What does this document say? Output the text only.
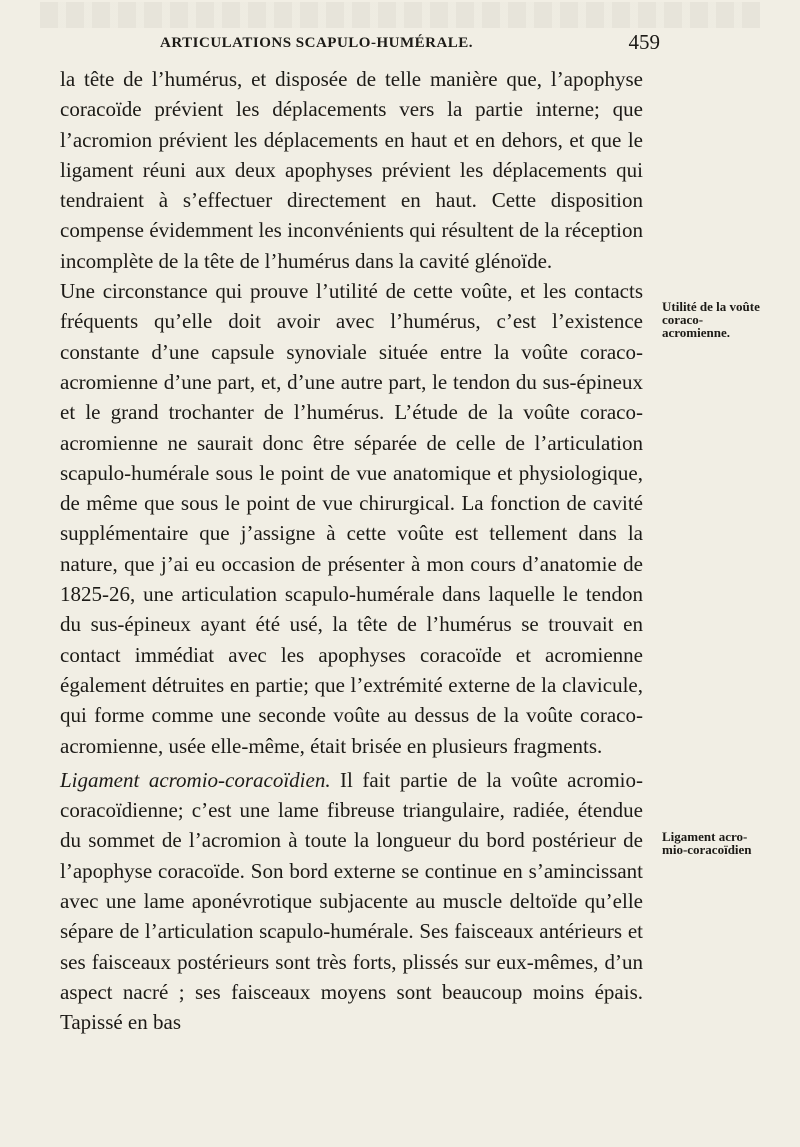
ARTICULATIONS SCAPULO-HUMÉRALE.	459

la tête de l’humérus, et disposée de telle manière que, l’apophyse coracoïde prévient les déplacements vers la partie interne; que l’acromion prévient les déplacements en haut et en dehors, et que le ligament réuni aux deux apophyses prévient les déplacements qui tendraient à s’effectuer directement en haut. Cette disposition compense évidemment les inconvénients qui résultent de la réception incomplète de la tête de l’humérus dans la cavité glénoïde.

Une circonstance qui prouve l’utilité de cette voûte, et les contacts fréquents qu’elle doit avoir avec l’humérus, c’est l’existence constante d’une capsule synoviale située entre la voûte coraco-acromienne d’une part, et, d’une autre part, le tendon du sus-épineux et le grand trochanter de l’humérus. L’étude de la voûte coraco-acromienne ne saurait donc être séparée de celle de l’articulation scapulo-humérale sous le point de vue anatomique et physiologique, de même que sous le point de vue chirurgical. La fonction de cavité supplémentaire que j’assigne à cette voûte est tellement dans la nature, que j’ai eu occasion de présenter à mon cours d’anatomie de 1825-26, une articulation scapulo-humérale dans laquelle le tendon du sus-épineux ayant été usé, la tête de l’humérus se trouvait en contact immédiat avec les apophyses coracoïde et acromienne également détruites en partie; que l’extrémité externe de la clavicule, qui forme comme une seconde voûte au dessus de la voûte coraco-acromienne, usée elle-même, était brisée en plusieurs fragments.

Ligament acromio-coracoïdien. Il fait partie de la voûte acromio-coracoïdienne; c’est une lame fibreuse triangulaire, radiée, étendue du sommet de l’acromion à toute la longueur du bord postérieur de l’apophyse coracoïde. Son bord externe se continue en s’amincissant avec une lame aponévrotique subjacente au muscle deltoïde qu’elle sépare de l’articulation scapulo-humérale. Ses faisceaux antérieurs et ses faisceaux postérieurs sont très forts, plissés sur eux-mêmes, d’un aspect nacré ; ses faisceaux moyens sont beaucoup moins épais. Tapissé en bas

Utilité de la voûte coraco-acromienne.
Ligament acro-mio-coracoïdien
